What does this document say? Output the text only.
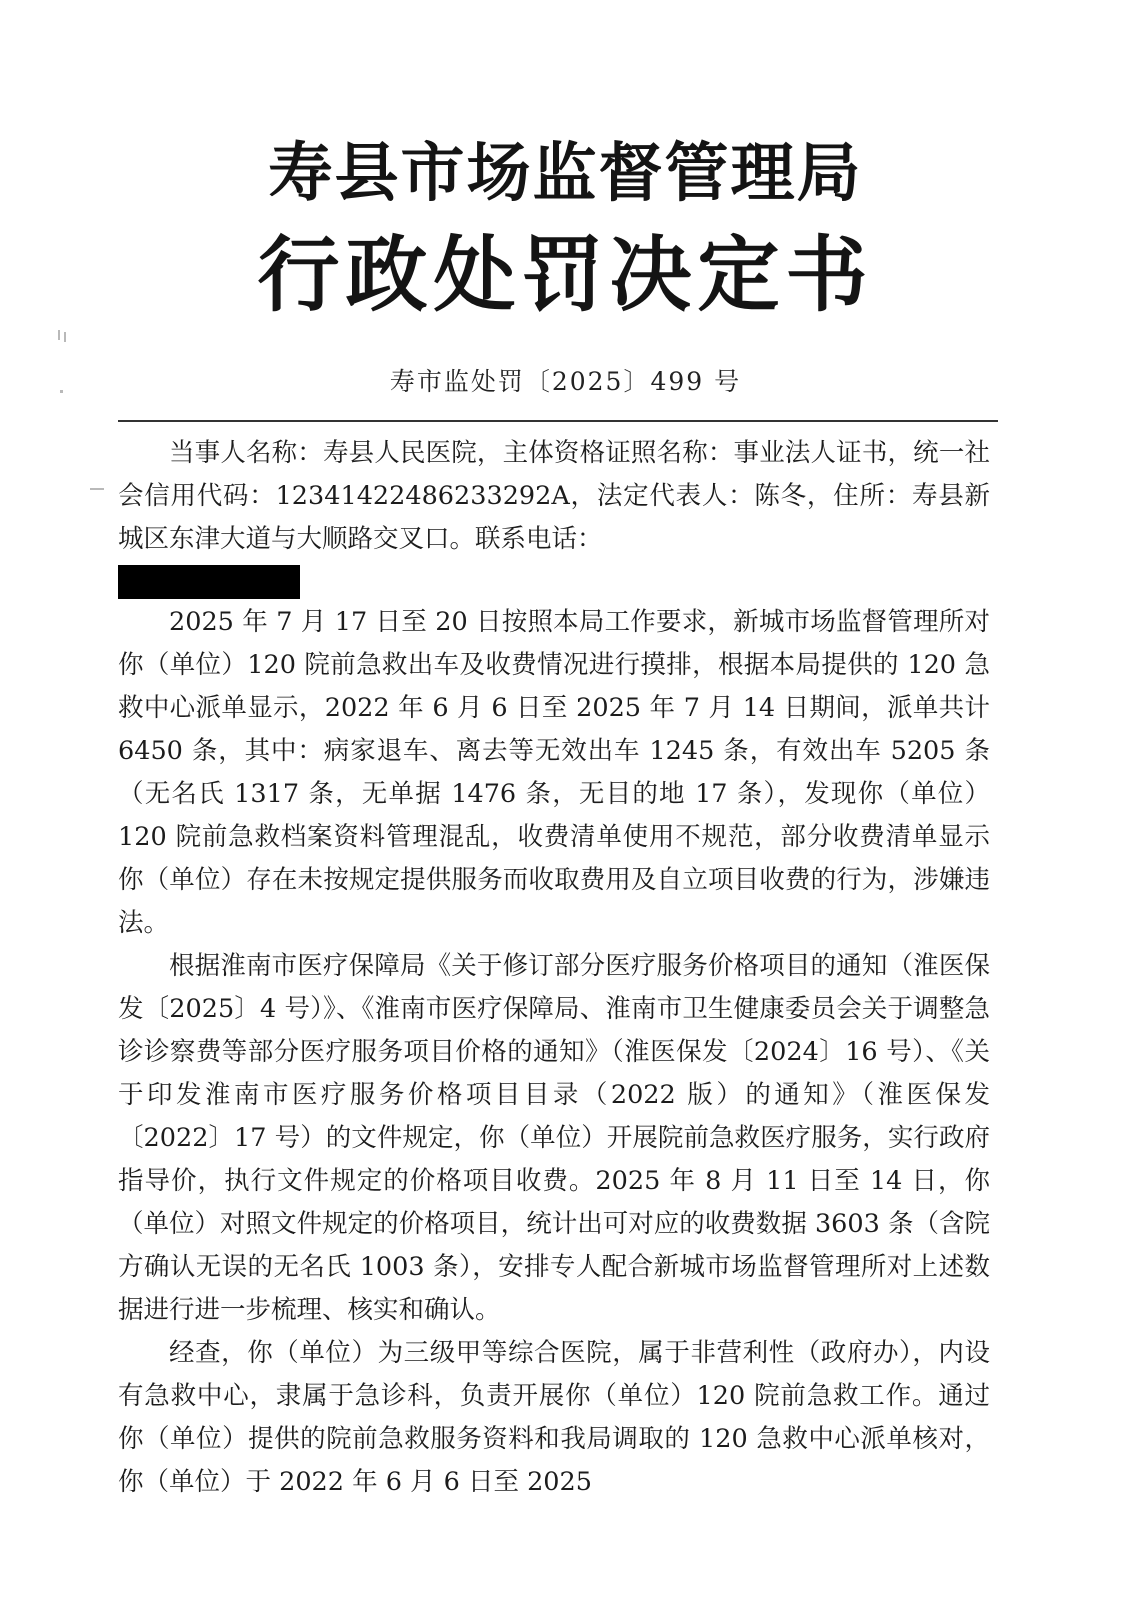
寿县市场监督管理局
行政处罚决定书
寿市监处罚〔2025〕499 号

当事人名称：寿县人民医院，主体资格证照名称：事业法人证书，统一社会信用代码：12341422486233292A，法定代表人：陈冬，住所：寿县新城区东津大道与大顺路交叉口。联系电话：

2025 年 7 月 17 日至 20 日按照本局工作要求，新城市场监督管理所对你（单位）120 院前急救出车及收费情况进行摸排，根据本局提供的 120 急救中心派单显示，2022 年 6 月 6 日至 2025 年 7 月 14 日期间，派单共计 6450 条，其中：病家退车、离去等无效出车 1245 条，有效出车 5205 条（无名氏 1317 条，无单据 1476 条，无目的地 17 条），发现你（单位）120 院前急救档案资料管理混乱，收费清单使用不规范，部分收费清单显示你（单位）存在未按规定提供服务而收取费用及自立项目收费的行为，涉嫌违法。

根据淮南市医疗保障局《关于修订部分医疗服务价格项目的通知（淮医保发〔2025〕4 号）》、《淮南市医疗保障局、淮南市卫生健康委员会关于调整急诊诊察费等部分医疗服务项目价格的通知》（淮医保发〔2024〕16 号）、《关于印发淮南市医疗服务价格项目目录（2022 版）的通知》（淮医保发〔2022〕17 号）的文件规定，你（单位）开展院前急救医疗服务，实行政府指导价，执行文件规定的价格项目收费。2025 年 8 月 11 日至 14 日，你（单位）对照文件规定的价格项目，统计出可对应的收费数据 3603 条（含院方确认无误的无名氏 1003 条），安排专人配合新城市场监督管理所对上述数据进行进一步梳理、核实和确认。

经查，你（单位）为三级甲等综合医院，属于非营利性（政府办），内设有急救中心，隶属于急诊科，负责开展你（单位）120 院前急救工作。通过你（单位）提供的院前急救服务资料和我局调取的 120 急救中心派单核对，你（单位）于 2022 年 6 月 6 日至 2025
